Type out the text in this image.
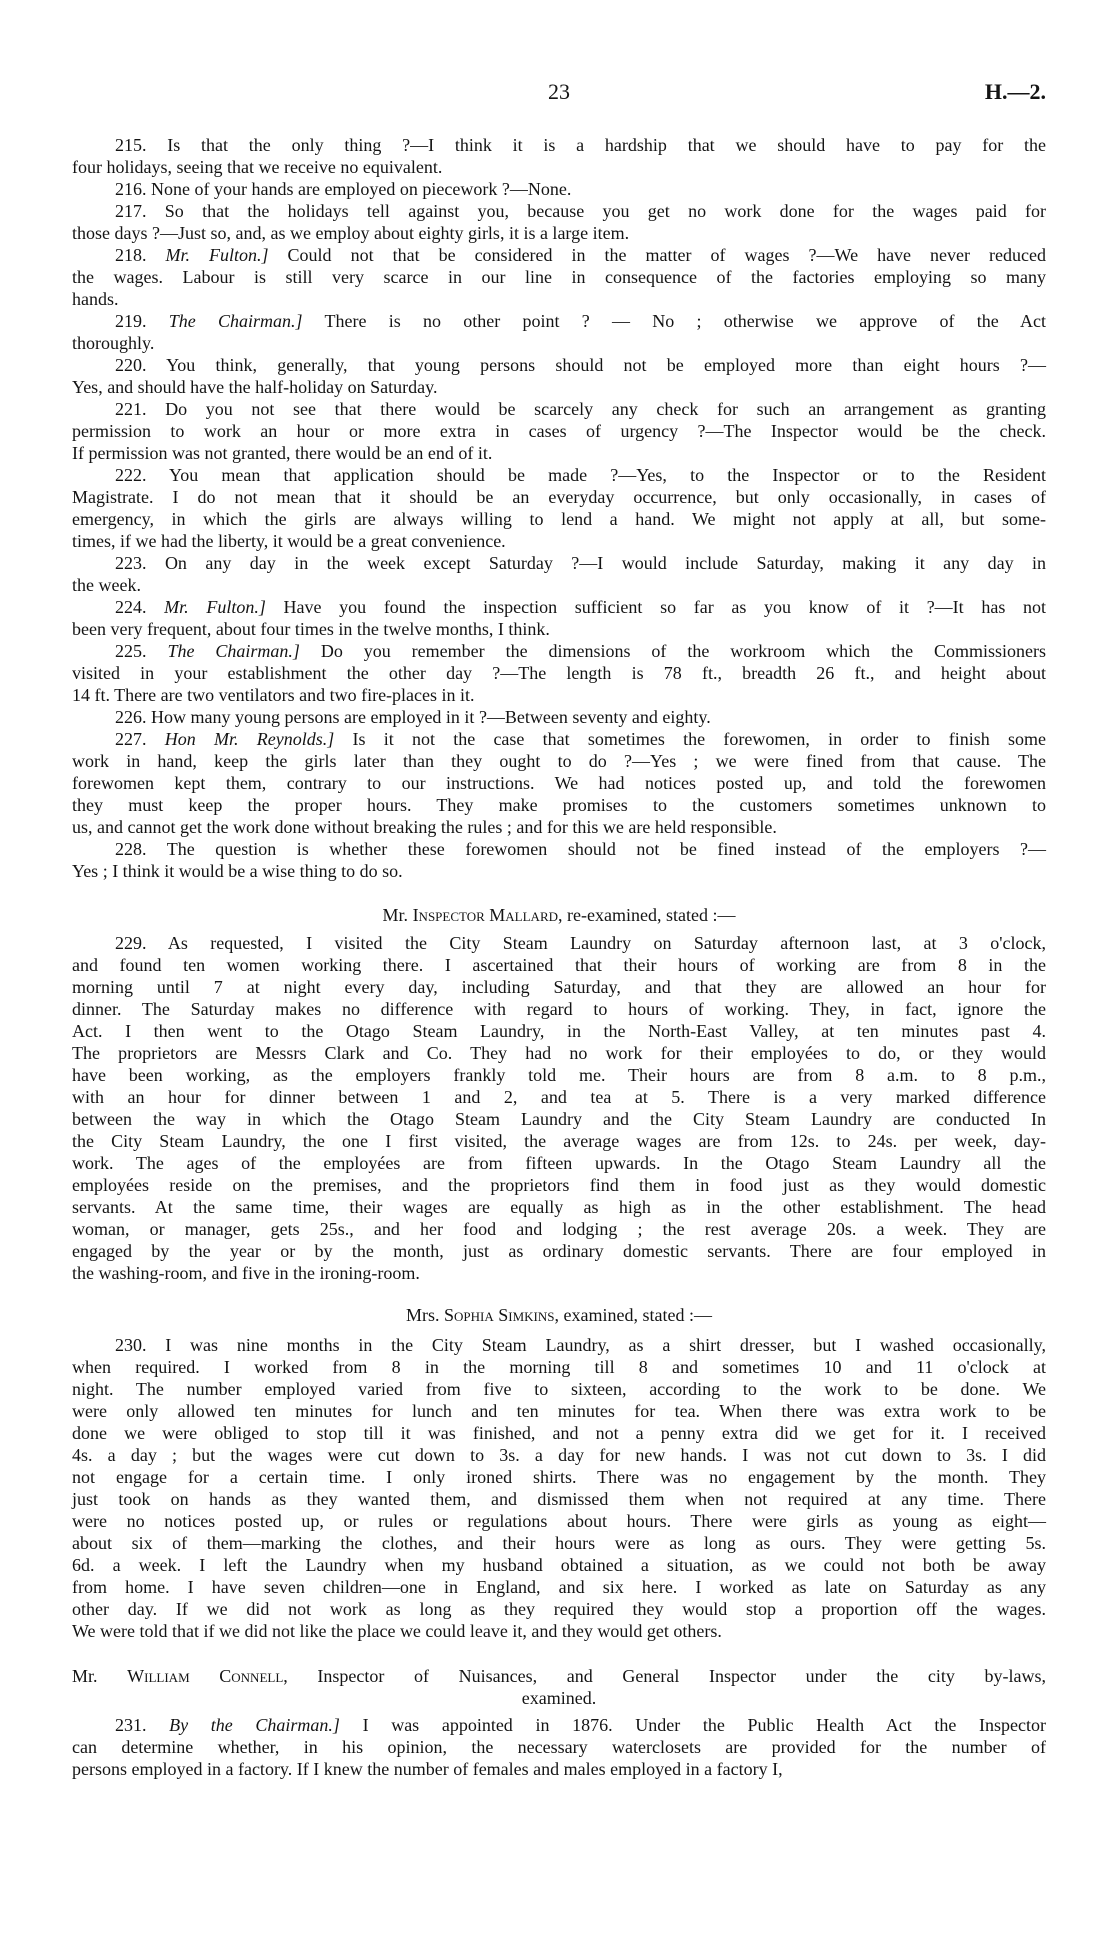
23	H.—2.
215. Is that the only thing ?—I think it is a hardship that we should have to pay for the
four holidays, seeing that we receive no equivalent.
216. None of your hands are employed on piecework ?—None.
217. So that the holidays tell against you, because you get no work done for the wages paid for
those days ?—Just so, and, as we employ about eighty girls, it is a large item.
218. Mr. Fulton.] Could not that be considered in the matter of wages ?—We have never reduced
the wages. Labour is still very scarce in our line in consequence of the factories employing so many
hands.
219. The Chairman.] There is no other point ? — No ; otherwise we approve of the Act
thoroughly.
220. You think, generally, that young persons should not be employed more than eight hours ?—
Yes, and should have the half-holiday on Saturday.
221. Do you not see that there would be scarcely any check for such an arrangement as granting
permission to work an hour or more extra in cases of urgency ?—The Inspector would be the check.
If permission was not granted, there would be an end of it.
222. You mean that application should be made ?—Yes, to the Inspector or to the Resident
Magistrate. I do not mean that it should be an everyday occurrence, but only occasionally, in cases of
emergency, in which the girls are always willing to lend a hand. We might not apply at all, but some-
times, if we had the liberty, it would be a great convenience.
223. On any day in the week except Saturday ?—I would include Saturday, making it any day in
the week.
224. Mr. Fulton.] Have you found the inspection sufficient so far as you know of it ?—It has not
been very frequent, about four times in the twelve months, I think.
225. The Chairman.] Do you remember the dimensions of the workroom which the Commissioners
visited in your establishment the other day ?—The length is 78 ft., breadth 26 ft., and height about
14 ft. There are two ventilators and two fire-places in it.
226. How many young persons are employed in it ?—Between seventy and eighty.
227. Hon Mr. Reynolds.] Is it not the case that sometimes the forewomen, in order to finish some
work in hand, keep the girls later than they ought to do ?—Yes ; we were fined from that cause. The
forewomen kept them, contrary to our instructions. We had notices posted up, and told the forewomen
they must keep the proper hours. They make promises to the customers sometimes unknown to
us, and cannot get the work done without breaking the rules ; and for this we are held responsible.
228. The question is whether these forewomen should not be fined instead of the employers ?—
Yes ; I think it would be a wise thing to do so.
Mr. Inspector Mallard, re-examined, stated :—
229. As requested, I visited the City Steam Laundry on Saturday afternoon last, at 3 o'clock,
and found ten women working there. I ascertained that their hours of working are from 8 in the
morning until 7 at night every day, including Saturday, and that they are allowed an hour for
dinner. The Saturday makes no difference with regard to hours of working. They, in fact, ignore the
Act. I then went to the Otago Steam Laundry, in the North-East Valley, at ten minutes past 4.
The proprietors are Messrs Clark and Co. They had no work for their employées to do, or they would
have been working, as the employers frankly told me. Their hours are from 8 a.m. to 8 p.m.,
with an hour for dinner between 1 and 2, and tea at 5. There is a very marked difference
between the way in which the Otago Steam Laundry and the City Steam Laundry are conducted In
the City Steam Laundry, the one I first visited, the average wages are from 12s. to 24s. per week, day-
work. The ages of the employées are from fifteen upwards. In the Otago Steam Laundry all the
employées reside on the premises, and the proprietors find them in food just as they would domestic
servants. At the same time, their wages are equally as high as in the other establishment. The head
woman, or manager, gets 25s., and her food and lodging ; the rest average 20s. a week. They are
engaged by the year or by the month, just as ordinary domestic servants. There are four employed in
the washing-room, and five in the ironing-room.
Mrs. Sophia Simkins, examined, stated :—
230. I was nine months in the City Steam Laundry, as a shirt dresser, but I washed occasionally,
when required. I worked from 8 in the morning till 8 and sometimes 10 and 11 o'clock at
night. The number employed varied from five to sixteen, according to the work to be done. We
were only allowed ten minutes for lunch and ten minutes for tea. When there was extra work to be
done we were obliged to stop till it was finished, and not a penny extra did we get for it. I received
4s. a day ; but the wages were cut down to 3s. a day for new hands. I was not cut down to 3s. I did
not engage for a certain time. I only ironed shirts. There was no engagement by the month. They
just took on hands as they wanted them, and dismissed them when not required at any time. There
were no notices posted up, or rules or regulations about hours. There were girls as young as eight—
about six of them—marking the clothes, and their hours were as long as ours. They were getting 5s.
6d. a week. I left the Laundry when my husband obtained a situation, as we could not both be away
from home. I have seven children—one in England, and six here. I worked as late on Saturday as any
other day. If we did not work as long as they required they would stop a proportion off the wages.
We were told that if we did not like the place we could leave it, and they would get others.
Mr. William Connell, Inspector of Nuisances, and General Inspector under the city by-laws,
examined.
231. By the Chairman.] I was appointed in 1876. Under the Public Health Act the Inspector
can determine whether, in his opinion, the necessary waterclosets are provided for the number of
persons employed in a factory. If I knew the number of females and males employed in a factory I,
